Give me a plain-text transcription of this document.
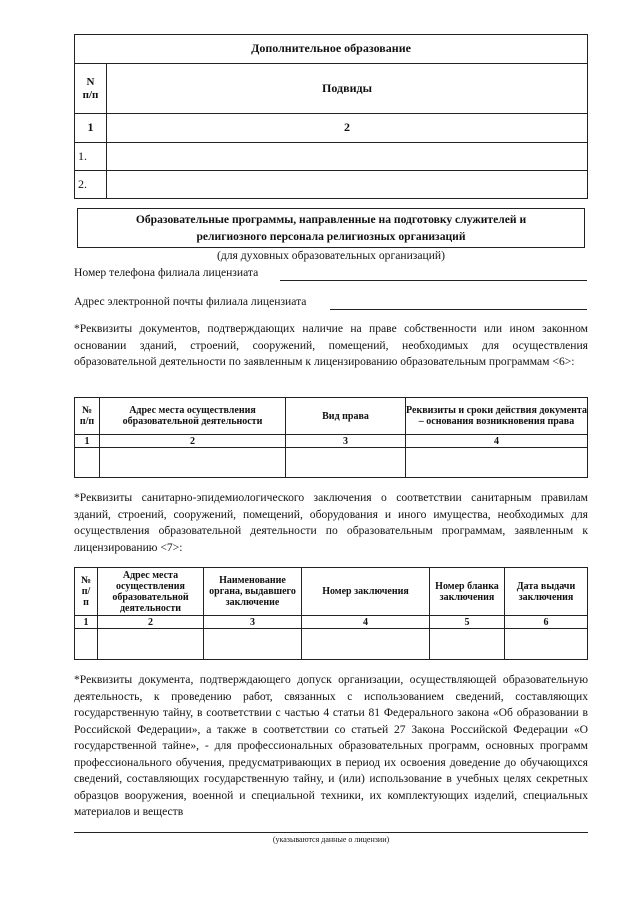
Дополнительное образование	
N
п/п	Подвиды
1	2
1.	
2.	
Образовательные программы, направленные на подготовку служителей и
религиозного персонала религиозных организаций
(для духовных образовательных организаций)
Номер телефона филиала лицензиата
Адрес электронной почты филиала лицензиата
*Реквизиты документов, подтверждающих наличие на праве собственности или ином законном основании зданий, строений, сооружений, помещений, необходимых для осуществления образовательной деятельности по заявленным к лицензированию образовательным программам <6>:
№
п/п	Адрес места осуществления образовательной деятельности	Вид права	Реквизиты и сроки действия документа – основания возникновения права
1	2	3	4

*Реквизиты санитарно-эпидемиологического заключения о соответствии санитарным правилам зданий, строений, сооружений, помещений, оборудования и иного имущества, необходимых для осуществления образовательной деятельности по образовательным программам, заявленным к лицензированию <7>:
№
п/
п	Адрес места осуществления образовательной деятельности	Наименование органа, выдавшего заключение	Номер заключения	Номер бланка заключения	Дата выдачи заключения
1	2	3	4	5	6

*Реквизиты документа, подтверждающего допуск организации, осуществляющей образовательную деятельность, к проведению работ, связанных с использованием сведений, составляющих государственную тайну, в соответствии с частью 4 статьи 81 Федерального закона «Об образовании в Российской Федерации», а также в соответствии со статьей 27 Закона Российской Федерации «О государственной тайне», - для профессиональных образовательных программ, основных программ профессионального обучения, предусматривающих в период их освоения доведение до обучающихся сведений, составляющих государственную тайну, и (или) использование в учебных целях секретных образцов вооружения, военной и специальной техники, их комплектующих изделий, специальных материалов и веществ
(указываются данные о лицензии)
